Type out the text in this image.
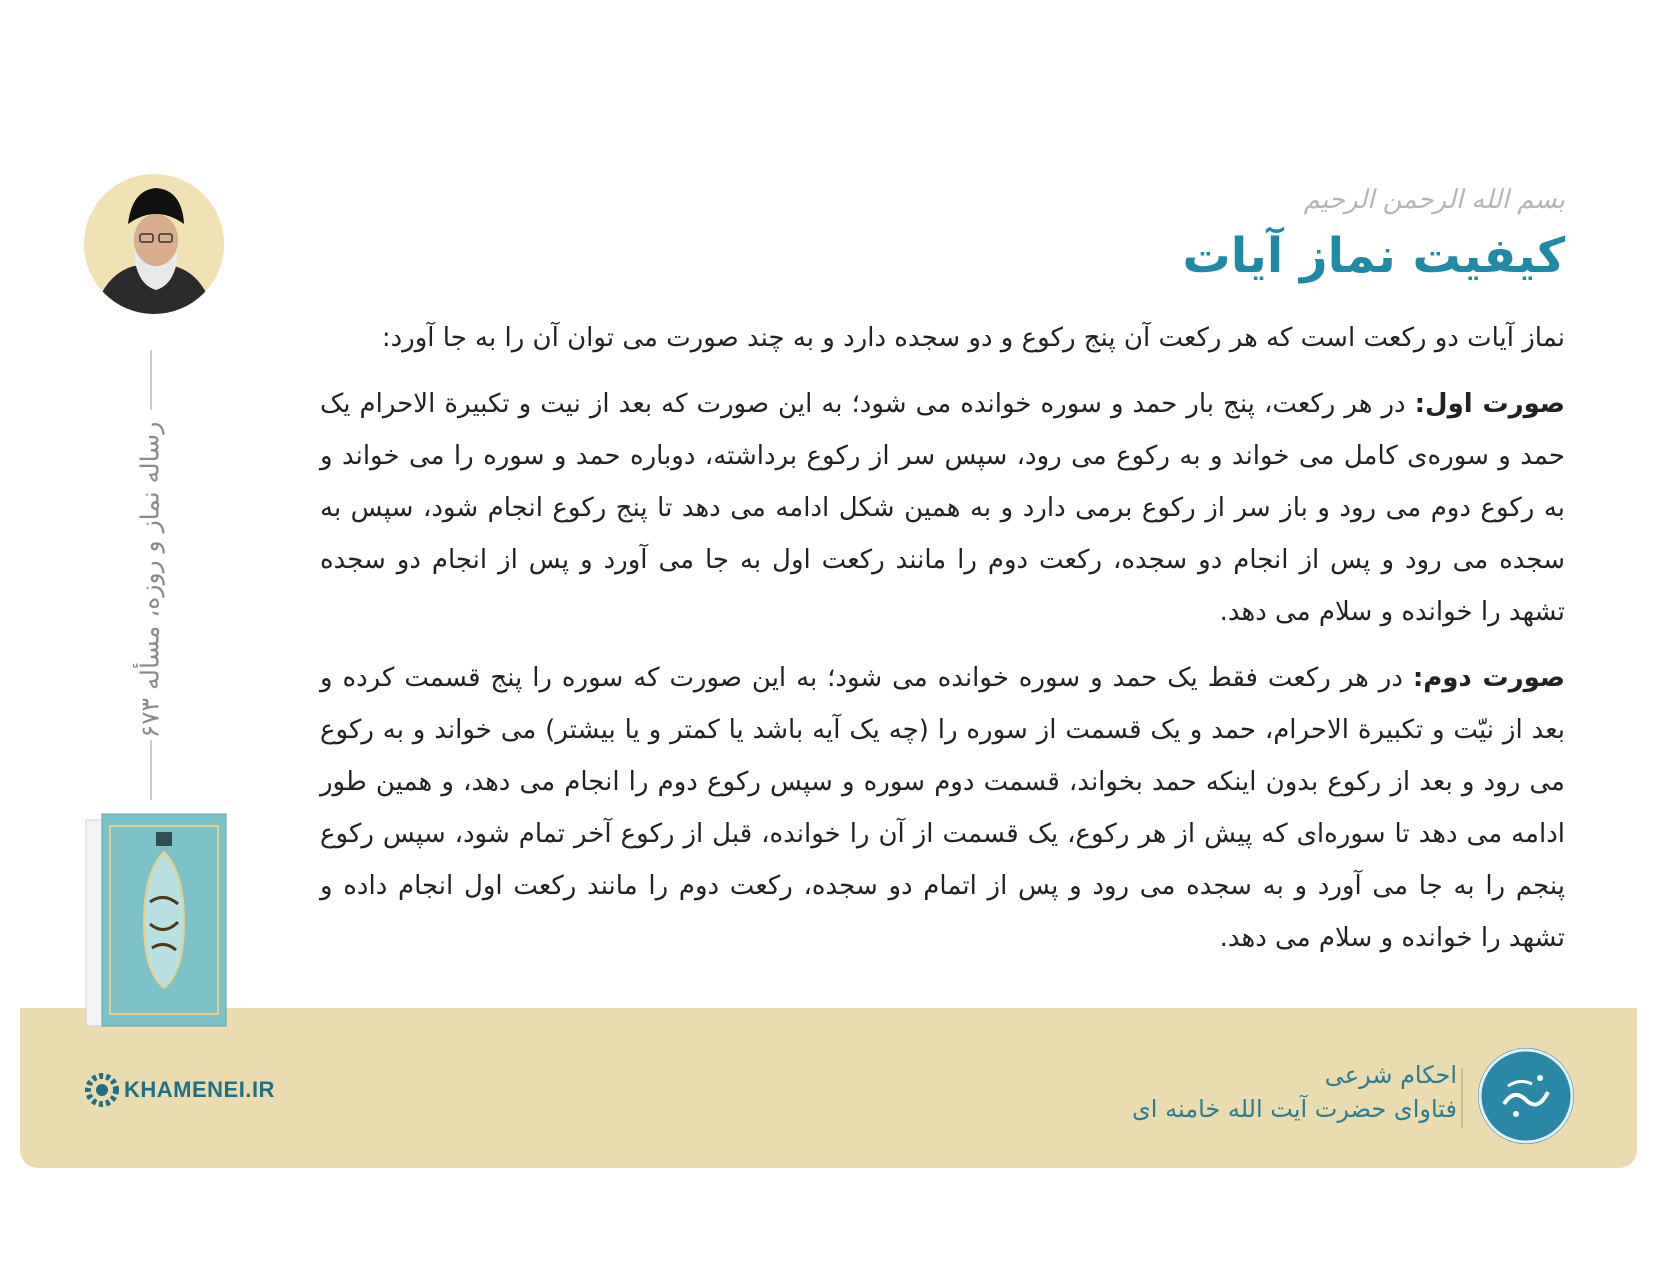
رساله نماز و روزه، مسأله ۶۷۳
بسم الله الرحمن الرحیم
کیفیت نماز آیات

نماز آیات دو رکعت است که هر رکعت آن پنج رکوع و دو سجده دارد و به چند صورت می توان آن را به جا آورد:

صورت اول: در هر رکعت، پنج بار حمد و سوره خوانده می شود؛ به این صورت که بعد از نیت و تکبیرة الاحرام یک حمد و سوره‌ی کامل می خواند و به رکوع می رود، سپس سر از رکوع برداشته، دوباره حمد و سوره را می خواند و به رکوع دوم می رود و باز سر از رکوع برمی دارد و به همین شکل ادامه می دهد تا پنج رکوع انجام شود، سپس به سجده می رود و پس از انجام دو سجده، رکعت دوم را مانند رکعت اول به جا می آورد و پس از انجام دو سجده تشهد را خوانده و سلام می دهد.

صورت دوم: در هر رکعت فقط یک حمد و سوره خوانده می شود؛ به این صورت که سوره را پنج قسمت کرده و بعد از نیّت و تکبیرة الاحرام، حمد و یک قسمت از سوره را (چه یک آیه باشد یا کمتر و یا بیشتر) می خواند و به رکوع می رود و بعد از رکوع بدون اینکه حمد بخواند، قسمت دوم سوره و سپس رکوع دوم را انجام می دهد، و همین طور ادامه می دهد تا سوره‌ای که پیش از هر رکوع، یک قسمت از آن را خوانده، قبل از رکوع آخر تمام شود، سپس رکوع پنجم را به جا می آورد و به سجده می رود و پس از اتمام دو سجده، رکعت دوم را مانند رکعت اول انجام داده و تشهد را خوانده و سلام می دهد.

KHAMENEI.IR
احکام شرعی
فتاوای حضرت آیت الله خامنه ای
